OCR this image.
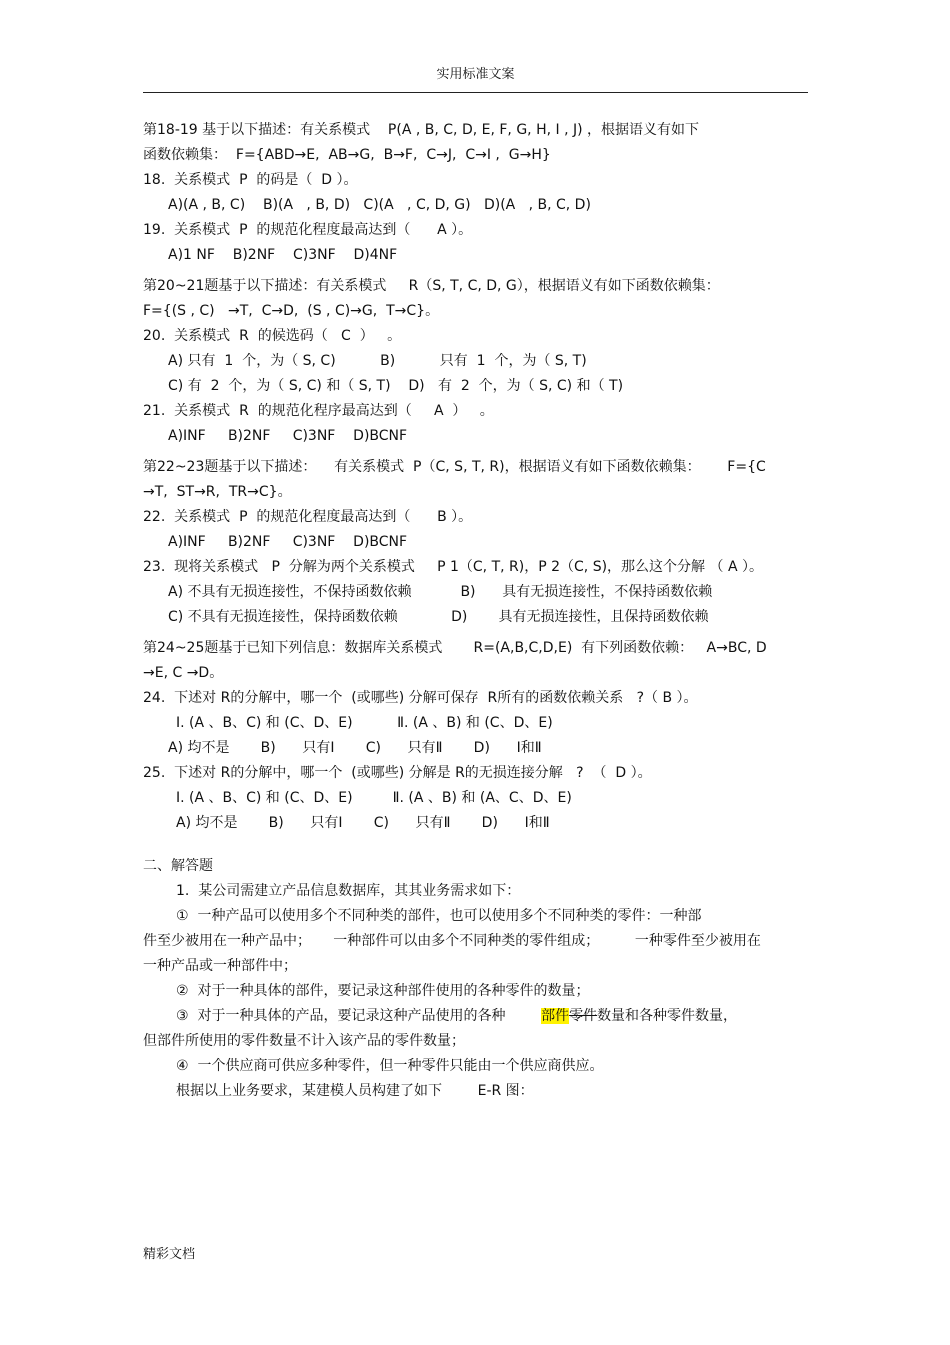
实用标准文案
第18-19 基于以下描述：有关系模式    P(A , B, C, D, E, F, G, H, I , J) ，根据语义有如下
函数依赖集：  F={ABD→E,  AB→G,  B→F,  C→J,  C→I ,  G→H}
18.  关系模式  P  的码是（  D ）。
A)(A , B, C)    B)(A   , B, D)   C)(A   , C, D, G)   D)(A   , B, C, D)
19.  关系模式  P  的规范化程度最高达到（      A ）。
A)1 NF    B)2NF    C)3NF    D)4NF
第20~21题基于以下描述：有关系模式     R（S, T, C, D, G），根据语义有如下函数依赖集：
F={(S , C)   →T,  C→D,  (S , C)→G,  T→C}。
20.  关系模式  R  的候选码（   C  ）   。
A) 只有  1  个，为（ S, C)          B)          只有  1  个，为（ S, T)
C) 有  2  个，为（ S, C) 和（ S, T)    D)   有  2  个，为（ S, C) 和（ T)
21.  关系模式  R  的规范化程序最高达到（     A  ）   。
A)INF     B)2NF     C)3NF    D)BCNF
第22~23题基于以下描述：    有关系模式  P（C, S, T, R)，根据语义有如下函数依赖集：      F={C
→T,  ST→R,  TR→C}。
22.  关系模式  P  的规范化程度最高达到（      B ）。
A)INF     B)2NF     C)3NF    D)BCNF
23.  现将关系模式   P  分解为两个关系模式     P 1（C, T, R)，P 2（C, S)，那么这个分解 （ A ）。
A) 不具有无损连接性，不保持函数依赖           B)      具有无损连接性，不保持函数依赖
C) 不具有无损连接性，保持函数依赖            D)       具有无损连接性，且保持函数依赖
第24~25题基于已知下列信息：数据库关系模式       R=(A,B,C,D,E)  有下列函数依赖：   A→BC, D
→E, C →D。
24.  下述对 R的分解中，哪一个  (或哪些) 分解可保存  R所有的函数依赖关系   ?（ B ）。
Ⅰ. (A 、B、C) 和 (C、D、E)          Ⅱ. (A 、B) 和 (C、D、E)
A) 均不是       B)      只有Ⅰ       C)      只有Ⅱ       D)      Ⅰ和Ⅱ
25.  下述对 R的分解中，哪一个  (或哪些) 分解是 R的无损连接分解   ?  （  D ）。
Ⅰ. (A 、B、C) 和 (C、D、E)         Ⅱ. (A 、B) 和 (A、C、D、E)
A) 均不是       B)      只有Ⅰ       C)      只有Ⅱ       D)      Ⅰ和Ⅱ
二、解答题
1.  某公司需建立产品信息数据库，其其业务需求如下：
①  一种产品可以使用多个不同种类的部件，也可以使用多个不同种类的零件：一种部
件至少被用在一种产品中；     一种部件可以由多个不同种类的零件组成；        一种零件至少被用在
一种产品或一种部件中；
②  对于一种具体的部件，要记录这种部件使用的各种零件的数量；
③  对于一种具体的产品，要记录这种产品使用的各种        部件零件数量和各种零件数量，
但部件所使用的零件数量不计入该产品的零件数量；
④  一个供应商可供应多种零件，但一种零件只能由一个供应商供应。
根据以上业务要求，某建模人员构建了如下        E-R 图：
精彩文档
